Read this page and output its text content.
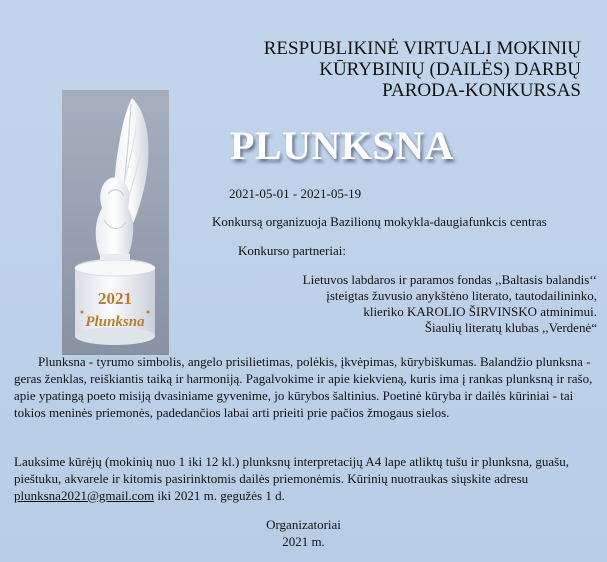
2021
Plunksna
RESPUBLIKINĖ VIRTUALI MOKINIŲ
KŪRYBINIŲ (DAILĖS) DARBŲ
PARODA-KONKURSAS
PLUNKSNA
2021-05-01 - 2021-05-19
Konkursą organizuoja Bazilionų mokykla-daugiafunkcis centras
Konkurso partneriai:
Lietuvos labdaros ir paramos fondas ,,Baltasis balandis‘‘
įsteigtas žuvusio anykštėno literato, tautodailininko,
klieriko KAROLIO ŠIRVINSKO atminimui.
Šiaulių literatų klubas ,,Verdenė“
Plunksna - tyrumo simbolis, angelo prisilietimas, polėkis, įkvėpimas, kūrybiškumas. Balandžio plunksna - geras ženklas, reiškiantis taiką ir harmoniją. Pagalvokime ir apie kiekvieną, kuris ima į rankas plunksną ir rašo, apie ypatingą poeto misiją dvasiniame gyvenime, jo kūrybos šaltinius. Poetinė kūryba ir dailės kūriniai - tai tokios meninės priemonės, padedančios labai arti prieiti prie pačios žmogaus sielos.
Lauksime kūrėjų (mokinių nuo 1 iki 12 kl.) plunksnų interpretacijų A4 lape atliktų tušu ir plunksna, guašu, pieštuku, akvarele ir kitomis pasirinktomis dailės priemonėmis. Kūrinių nuotraukas siųskite adresu plunksna2021@gmail.com iki 2021 m. gegužės 1 d.
Organizatoriai
2021 m.
